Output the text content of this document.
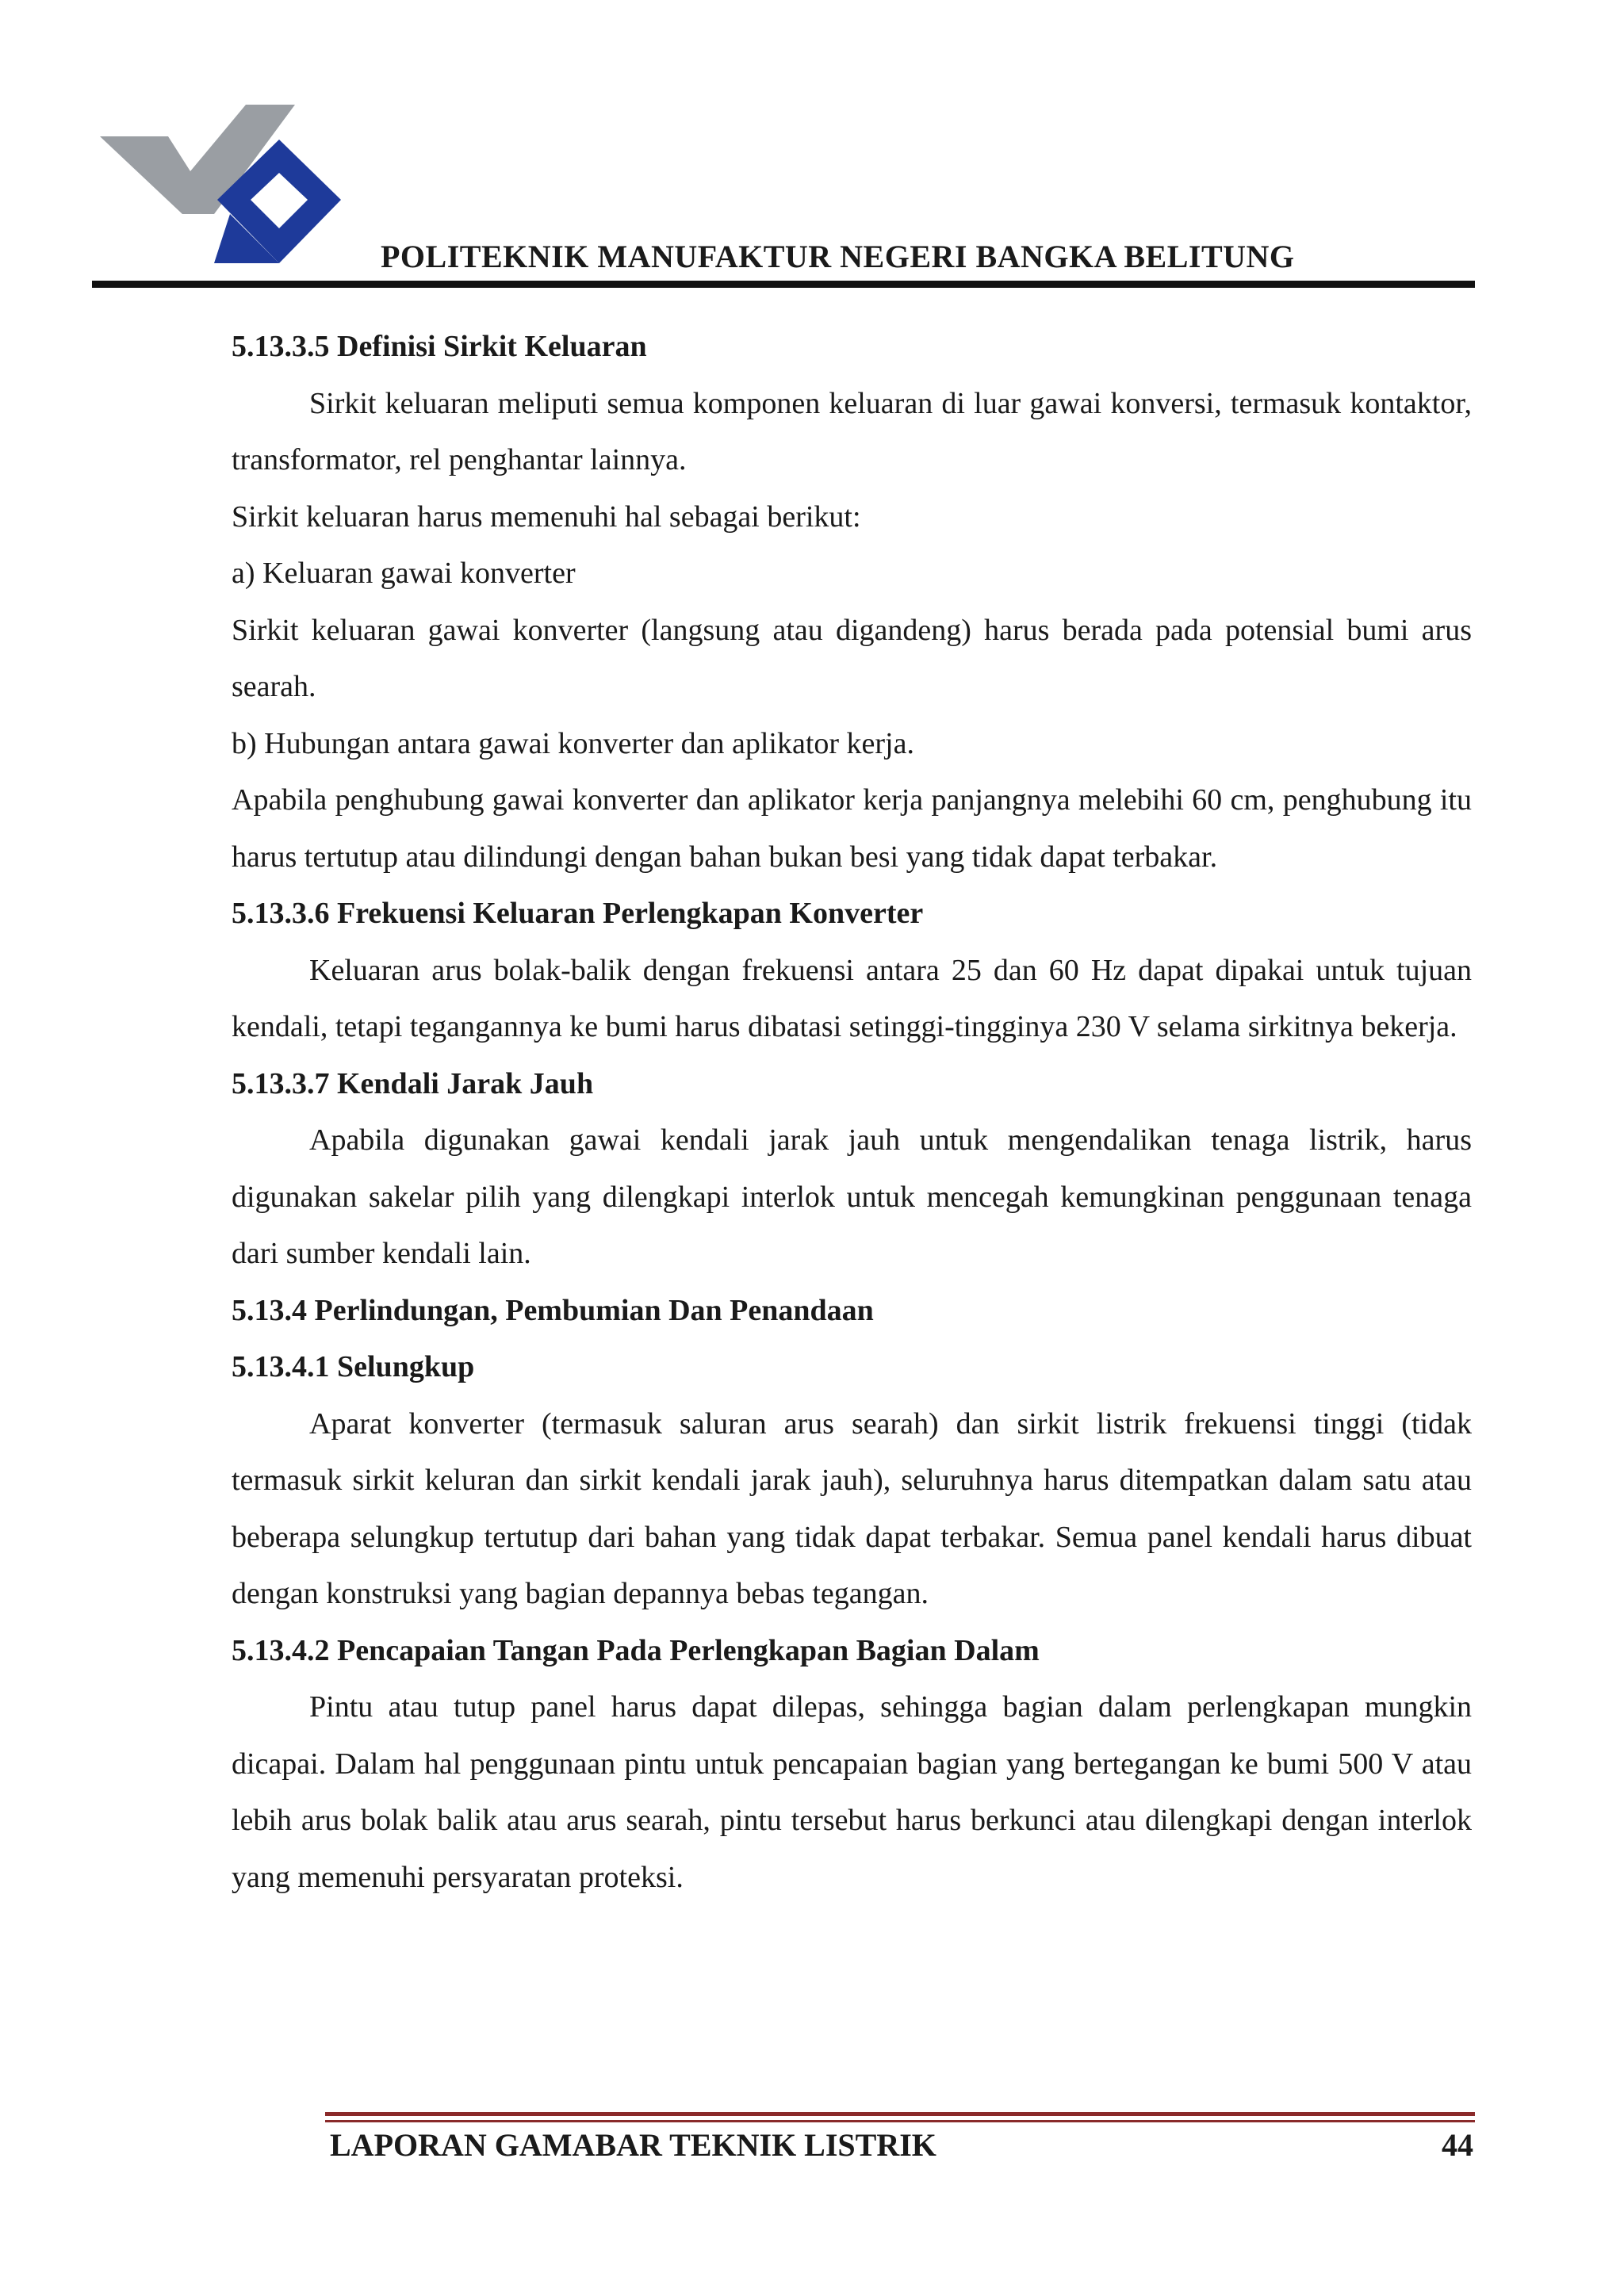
POLITEKNIK MANUFAKTUR NEGERI BANGKA BELITUNG

5.13.3.5 Definisi Sirkit Keluaran

Sirkit keluaran meliputi semua komponen keluaran di luar gawai konversi, termasuk kontaktor, transformator, rel penghantar lainnya.

Sirkit keluaran harus memenuhi hal sebagai berikut:

a) Keluaran gawai konverter

Sirkit keluaran gawai konverter (langsung atau digandeng) harus berada pada potensial bumi arus searah.

b) Hubungan antara gawai konverter dan aplikator kerja.

Apabila penghubung gawai konverter dan aplikator kerja panjangnya melebihi 60 cm, penghubung itu harus tertutup atau dilindungi dengan bahan bukan besi yang tidak dapat terbakar.

5.13.3.6 Frekuensi Keluaran Perlengkapan Konverter

Keluaran arus bolak-balik dengan frekuensi antara 25 dan 60 Hz dapat dipakai untuk tujuan kendali, tetapi tegangannya ke bumi harus dibatasi setinggi-tingginya 230 V selama sirkitnya bekerja.

5.13.3.7 Kendali Jarak Jauh

Apabila digunakan gawai kendali jarak jauh untuk mengendalikan tenaga listrik, harus digunakan sakelar pilih yang dilengkapi interlok untuk mencegah kemungkinan penggunaan tenaga dari sumber kendali lain.

5.13.4 Perlindungan, Pembumian Dan Penandaan

5.13.4.1 Selungkup

Aparat konverter (termasuk saluran arus searah) dan sirkit listrik frekuensi tinggi (tidak termasuk sirkit keluran dan sirkit kendali jarak jauh), seluruhnya harus ditempatkan dalam satu atau beberapa selungkup tertutup dari bahan yang tidak dapat terbakar. Semua panel kendali harus dibuat dengan konstruksi yang bagian depannya bebas tegangan.

5.13.4.2 Pencapaian Tangan Pada Perlengkapan Bagian Dalam

Pintu atau tutup panel harus dapat dilepas, sehingga bagian dalam perlengkapan mungkin dicapai. Dalam hal penggunaan pintu untuk pencapaian bagian yang bertegangan ke bumi 500 V atau lebih arus bolak balik atau arus searah, pintu tersebut harus berkunci atau dilengkapi dengan interlok yang memenuhi persyaratan proteksi.

LAPORAN GAMABAR TEKNIK LISTRIK	44
